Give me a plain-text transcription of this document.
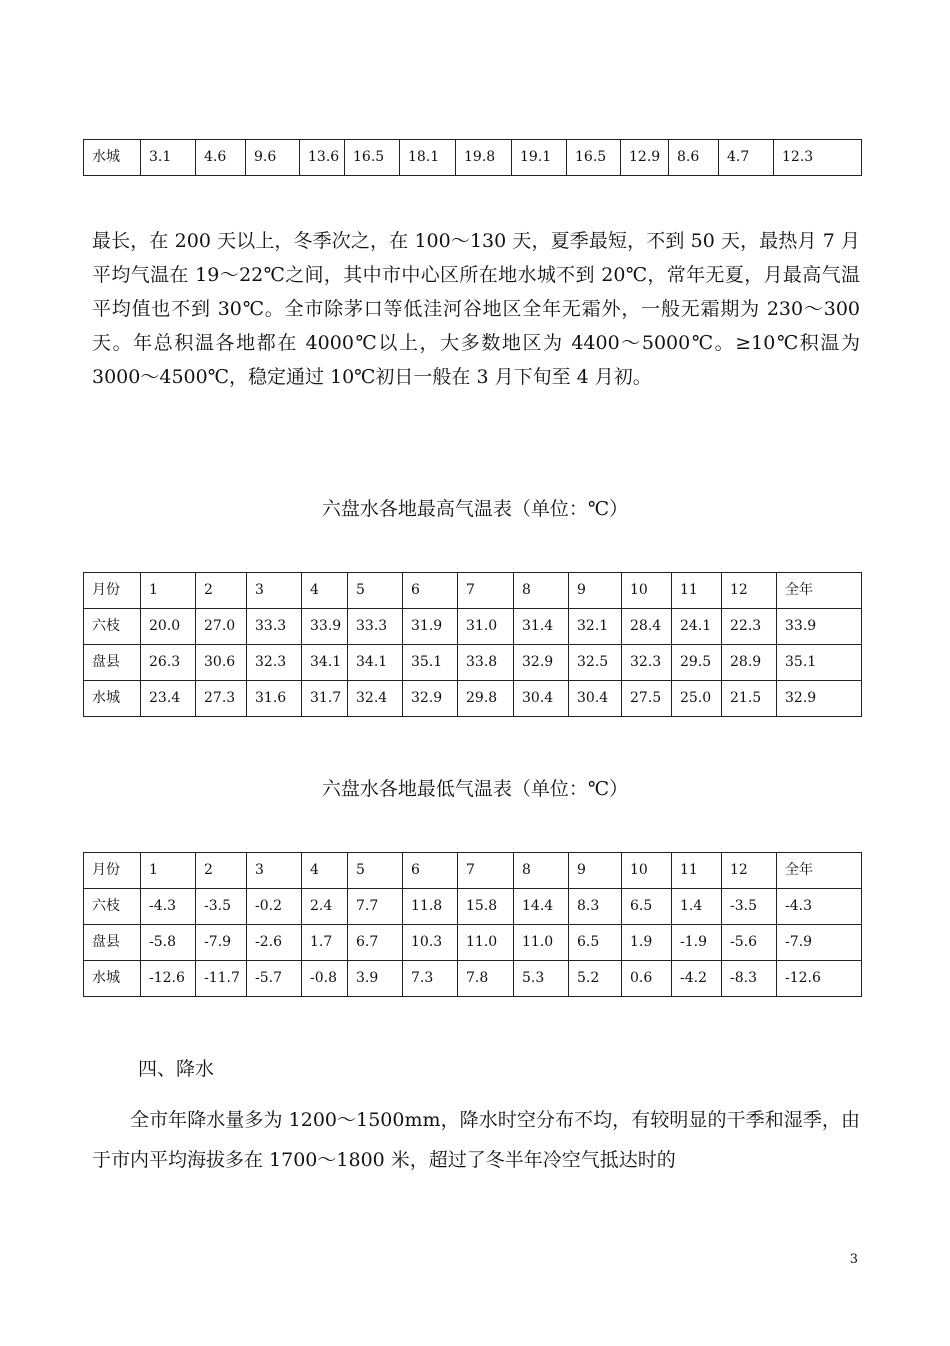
水城	3.1	4.6	9.6	13.6	16.5	18.1	19.8	19.1	16.5	12.9	8.6	4.7	12.3

最长，在 200 天以上，冬季次之，在 100～130 天，夏季最短，不到 50 天，最热月 7 月平均气温在 19～22℃之间，其中市中心区所在地水城不到 20℃，常年无夏，月最高气温平均值也不到 30℃。全市除茅口等低洼河谷地区全年无霜外，一般无霜期为 230～300 天。年总积温各地都在 4000℃以上，大多数地区为 4400～5000℃。≥10℃积温为 3000～4500℃，稳定通过 10℃初日一般在 3 月下旬至 4 月初。

六盘水各地最高气温表（单位：℃）

月份	1	2	3	4	5	6	7	8	9	10	11	12	全年
六枝	20.0	27.0	33.3	33.9	33.3	31.9	31.0	31.4	32.1	28.4	24.1	22.3	33.9
盘县	26.3	30.6	32.3	34.1	34.1	35.1	33.8	32.9	32.5	32.3	29.5	28.9	35.1
水城	23.4	27.3	31.6	31.7	32.4	32.9	29.8	30.4	30.4	27.5	25.0	21.5	32.9

六盘水各地最低气温表（单位：℃）

月份	1	2	3	4	5	6	7	8	9	10	11	12	全年
六枝	-4.3	-3.5	-0.2	2.4	7.7	11.8	15.8	14.4	8.3	6.5	1.4	-3.5	-4.3
盘县	-5.8	-7.9	-2.6	1.7	6.7	10.3	11.0	11.0	6.5	1.9	-1.9	-5.6	-7.9
水城	-12.6	-11.7	-5.7	-0.8	3.9	7.3	7.8	5.3	5.2	0.6	-4.2	-8.3	-12.6

四、降水

全市年降水量多为 1200～1500mm，降水时空分布不均，有较明显的干季和湿季，由于市内平均海拔多在 1700～1800 米，超过了冬半年冷空气抵达时的

3
